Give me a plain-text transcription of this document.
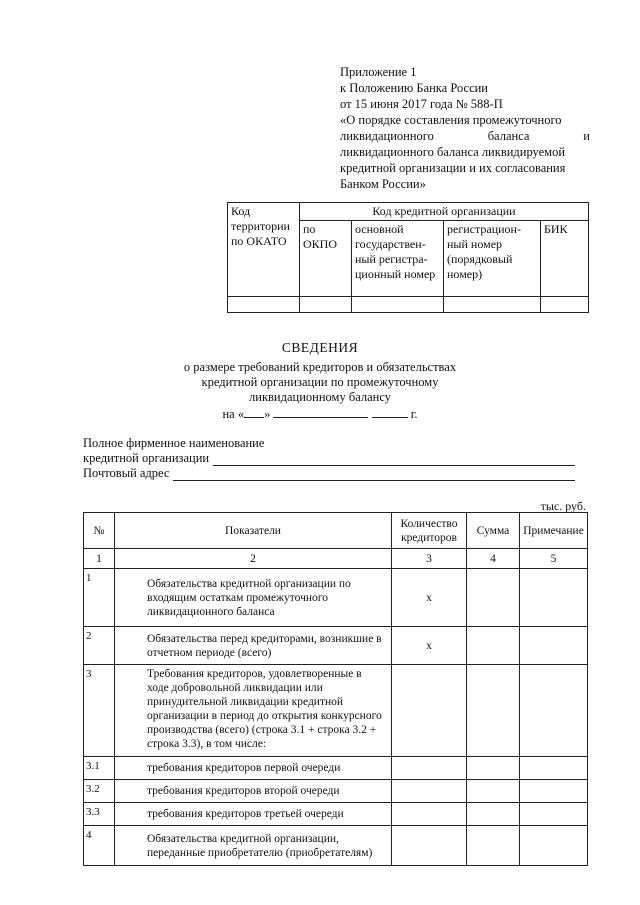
Приложение 1
к Положению Банка России
от 15 июня 2017 года № 588-П
«О порядке составления промежуточного
ликвидационного баланса и
ликвидационного баланса ликвидируемой
кредитной организации и их согласования
Банком России»
Код территории по ОКАТО	Код кредитной организации			
	по ОКПО	основной государствен-ный регистра-ционный номер	регистрацион-ный номер (порядковый номер)	БИК

СВЕДЕНИЯ
о размере требований кредиторов и обязательствах
кредитной организации по промежуточному
ликвидационному балансу
на « »	г.
Полное фирменное наименование
кредитной организации
Почтовый адрес
тыс. руб.
№	Показатели	Количество кредиторов	Сумма	Примечание
1	2	3	4	5
1	Обязательства кредитной организации по входящим остаткам промежуточного ликвидационного баланса	х		
2	Обязательства перед кредиторами, возникшие в отчетном периоде (всего)	х		
3	Требования кредиторов, удовлетворенные в ходе добровольной ликвидации или принудительной ликвидации кредитной организации в период до открытия конкурсного производства (всего) (строка 3.1 + строка 3.2 + строка 3.3), в том числе:			
3.1	требования кредиторов первой очереди			
3.2	требования кредиторов второй очереди			
3.3	требования кредиторов третьей очереди			
4	Обязательства кредитной организации, переданные приобретателю (приобретателям)			
